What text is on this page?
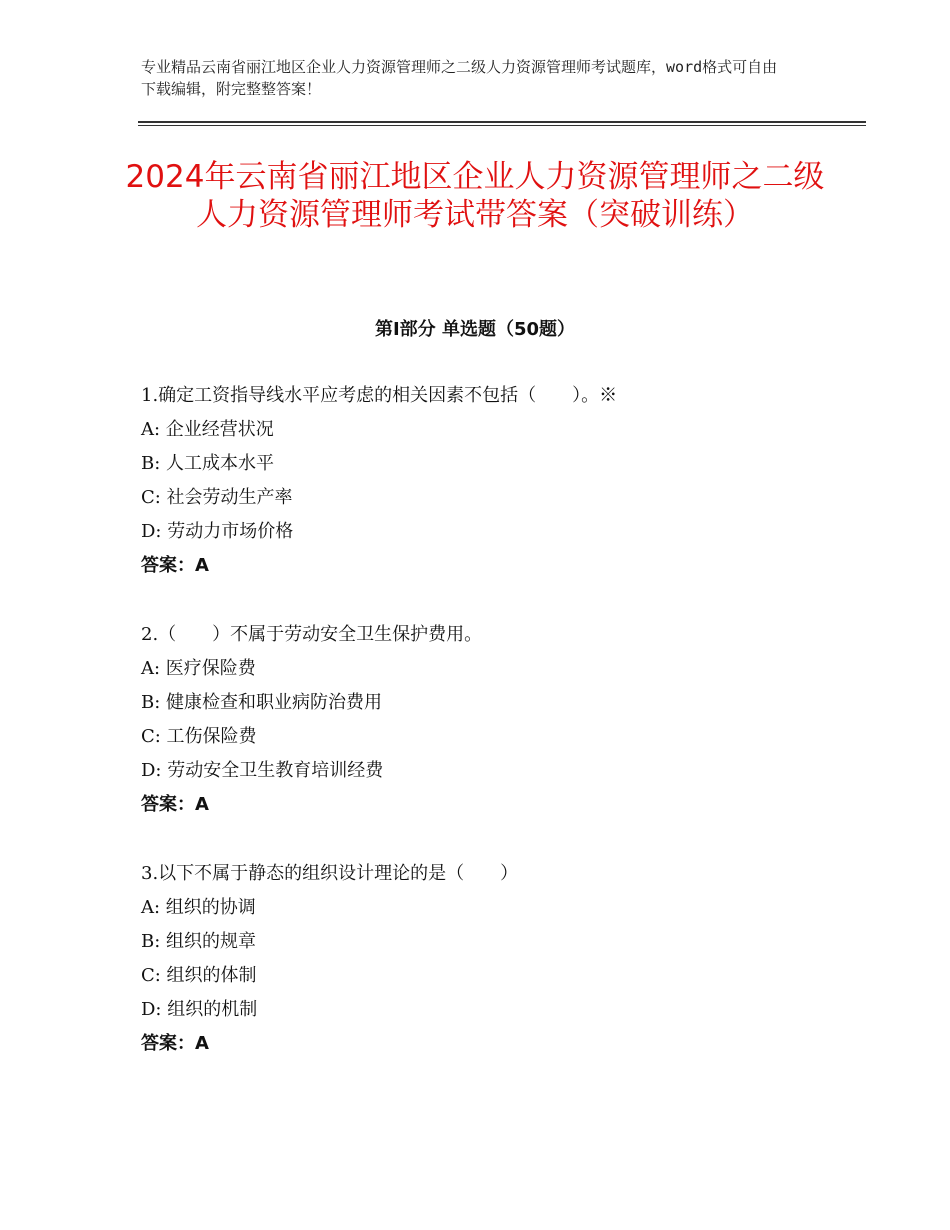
专业精品云南省丽江地区企业人力资源管理师之二级人力资源管理师考试题库，word格式可自由下载编辑，附完整整答案！
2024年云南省丽江地区企业人力资源管理师之二级人力资源管理师考试带答案（突破训练）
第Ⅰ部分 单选题（50题）
1.确定工资指导线水平应考虑的相关因素不包括（　　）。※
A: 企业经营状况
B: 人工成本水平
C: 社会劳动生产率
D: 劳动力市场价格
答案：A
2.（　　）不属于劳动安全卫生保护费用。
A: 医疗保险费
B: 健康检查和职业病防治费用
C: 工伤保险费
D: 劳动安全卫生教育培训经费
答案：A
3.以下不属于静态的组织设计理论的是（　　）
A: 组织的协调
B: 组织的规章
C: 组织的体制
D: 组织的机制
答案：A
